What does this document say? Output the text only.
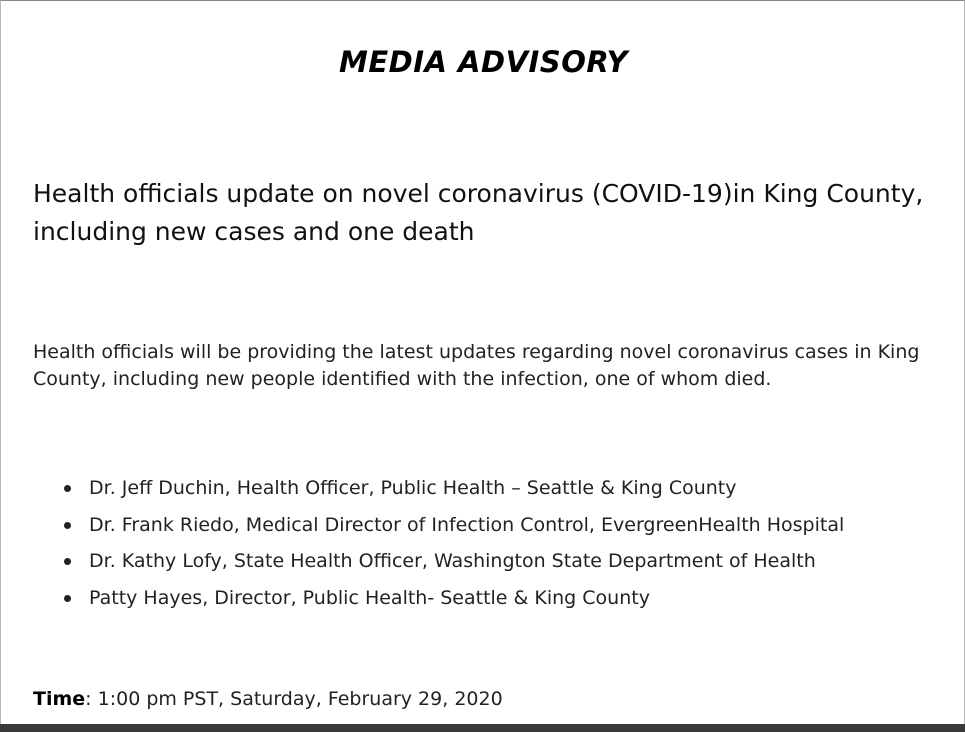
MEDIA ADVISORY
Health officials update on novel coronavirus (COVID-19)in King County, including new cases and one death
Health officials will be providing the latest updates regarding novel coronavirus cases in King County, including new people identified with the infection, one of whom died.
Dr. Jeff Duchin, Health Officer, Public Health – Seattle & King County
Dr. Frank Riedo, Medical Director of Infection Control, EvergreenHealth Hospital
Dr. Kathy Lofy, State Health Officer, Washington State Department of Health
Patty Hayes, Director, Public Health- Seattle & King County
Time: 1:00 pm PST, Saturday, February 29, 2020
